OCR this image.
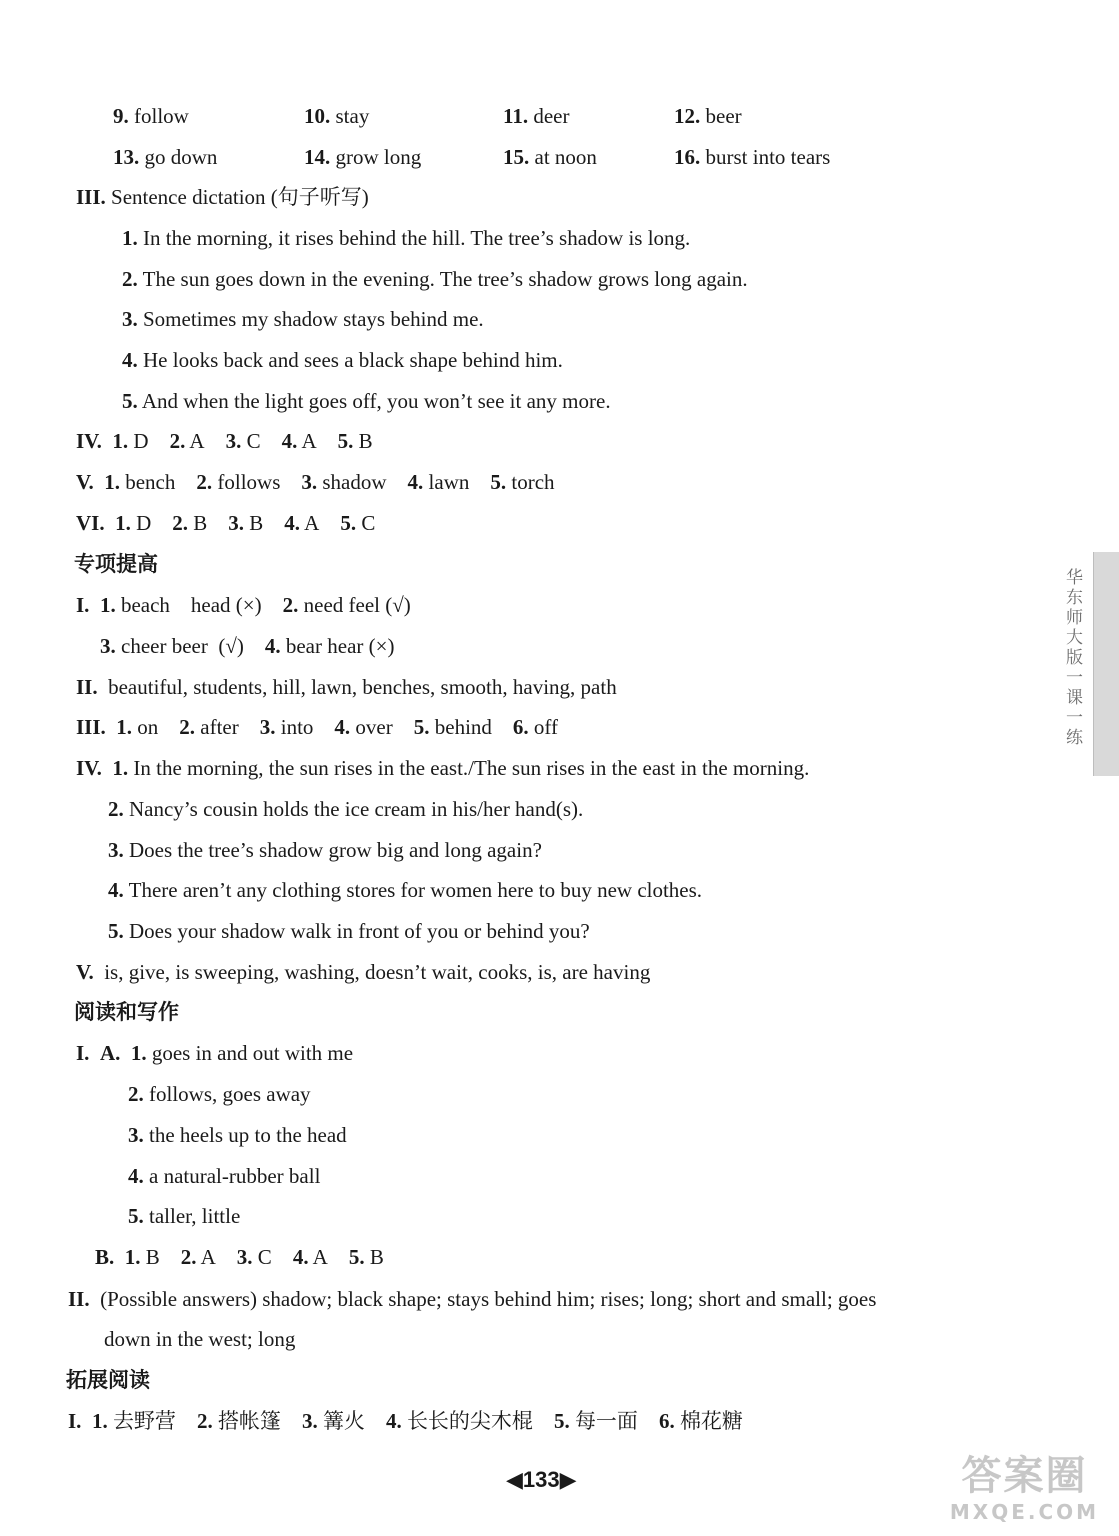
9. follow	10. stay	11. deer	12. beer
13. go down	14. grow long	15. at noon	16. burst into tears
III. Sentence dictation (句子听写)
1. In the morning, it rises behind the hill. The tree’s shadow is long.
2. The sun goes down in the evening. The tree’s shadow grows long again.
3. Sometimes my shadow stays behind me.
4. He looks back and sees a black shape behind him.
5. And when the light goes off, you won’t see it any more.
IV. 1. D 2. A 3. C 4. A 5. B
V. 1. bench 2. follows 3. shadow 4. lawn 5. torch
VI. 1. D 2. B 3. B 4. A 5. C
专项提高
I. 1. beach    head (×) 2. need feel (√)
3. cheer beer  (√) 4. bear hear (×)
II. beautiful, students, hill, lawn, benches, smooth, having, path
III. 1. on 2. after 3. into 4. over 5. behind 6. off
IV. 1. In the morning, the sun rises in the east./The sun rises in the east in the morning.
2. Nancy’s cousin holds the ice cream in his/her hand(s).
3. Does the tree’s shadow grow big and long again?
4. There aren’t any clothing stores for women here to buy new clothes.
5. Does your shadow walk in front of you or behind you?
V. is, give, is sweeping, washing, doesn’t wait, cooks, is, are having
阅读和写作
I. A. 1. goes in and out with me
2. follows, goes away
3. the heels up to the head
4. a natural-rubber ball
5. taller, little
B. 1. B 2. A 3. C 4. A 5. B
II. (Possible answers) shadow; black shape; stays behind him; rises; long; short and small; goes
down in the west; long
拓展阅读
I. 1. 去野营 2. 搭帐篷 3. 篝火 4. 长长的尖木棍 5. 每一面 6. 棉花糖
华东师大版一课一练
◀133▶	答案圈
MXQE.COM
